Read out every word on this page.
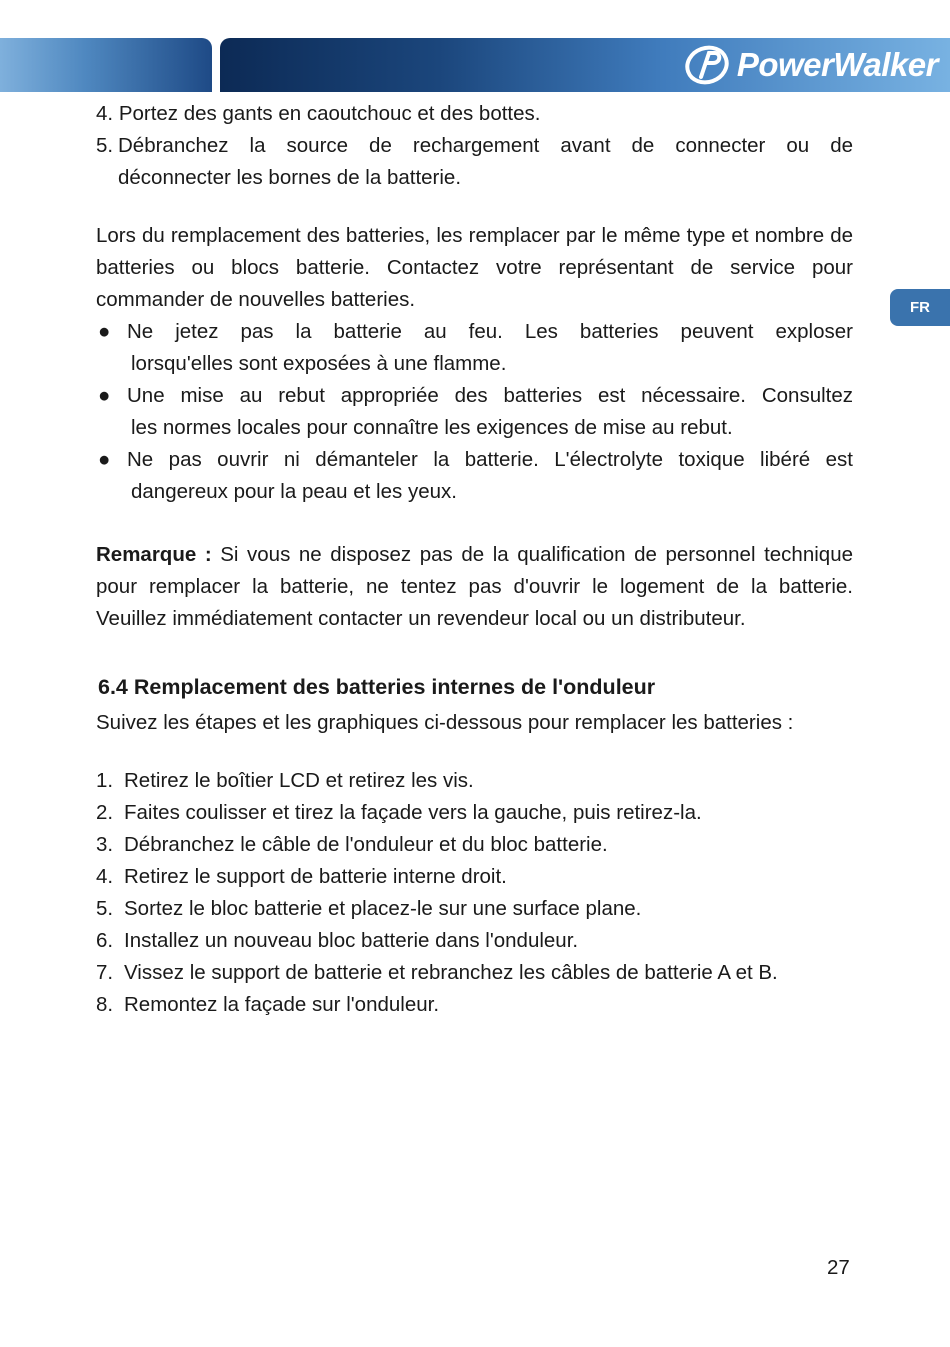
PowerWalker
FR
4. Portez des gants en caoutchouc et des bottes.
5. Débranchez la source de rechargement avant de connecter ou de
déconnecter les bornes de la batterie.

Lors du remplacement des batteries, les remplacer par le même type et nombre de batteries ou blocs batterie. Contactez votre représentant de service pour commander de nouvelles batteries.

● Ne jetez pas la batterie au feu. Les batteries peuvent exploser
lorsqu'elles sont exposées à une flamme.
● Une mise au rebut appropriée des batteries est nécessaire. Consultez
les normes locales pour connaître les exigences de mise au rebut.
● Ne pas ouvrir ni démanteler la batterie. L'électrolyte toxique libéré est
dangereux pour la peau et les yeux.

Remarque : Si vous ne disposez pas de la qualification de personnel technique pour remplacer la batterie, ne tentez pas d'ouvrir le logement de la batterie. Veuillez immédiatement contacter un revendeur local ou un distributeur.

6.4 Remplacement des batteries internes de l'onduleur

Suivez les étapes et les graphiques ci-dessous pour remplacer les batteries :

1. Retirez le boîtier LCD et retirez les vis.
2. Faites coulisser et tirez la façade vers la gauche, puis retirez-la.
3. Débranchez le câble de l'onduleur et du bloc batterie.
4. Retirez le support de batterie interne droit.
5. Sortez le bloc batterie et placez-le sur une surface plane.
6. Installez un nouveau bloc batterie dans l'onduleur.
7. Vissez le support de batterie et rebranchez les câbles de batterie A et B.
8. Remontez la façade sur l'onduleur.
27
